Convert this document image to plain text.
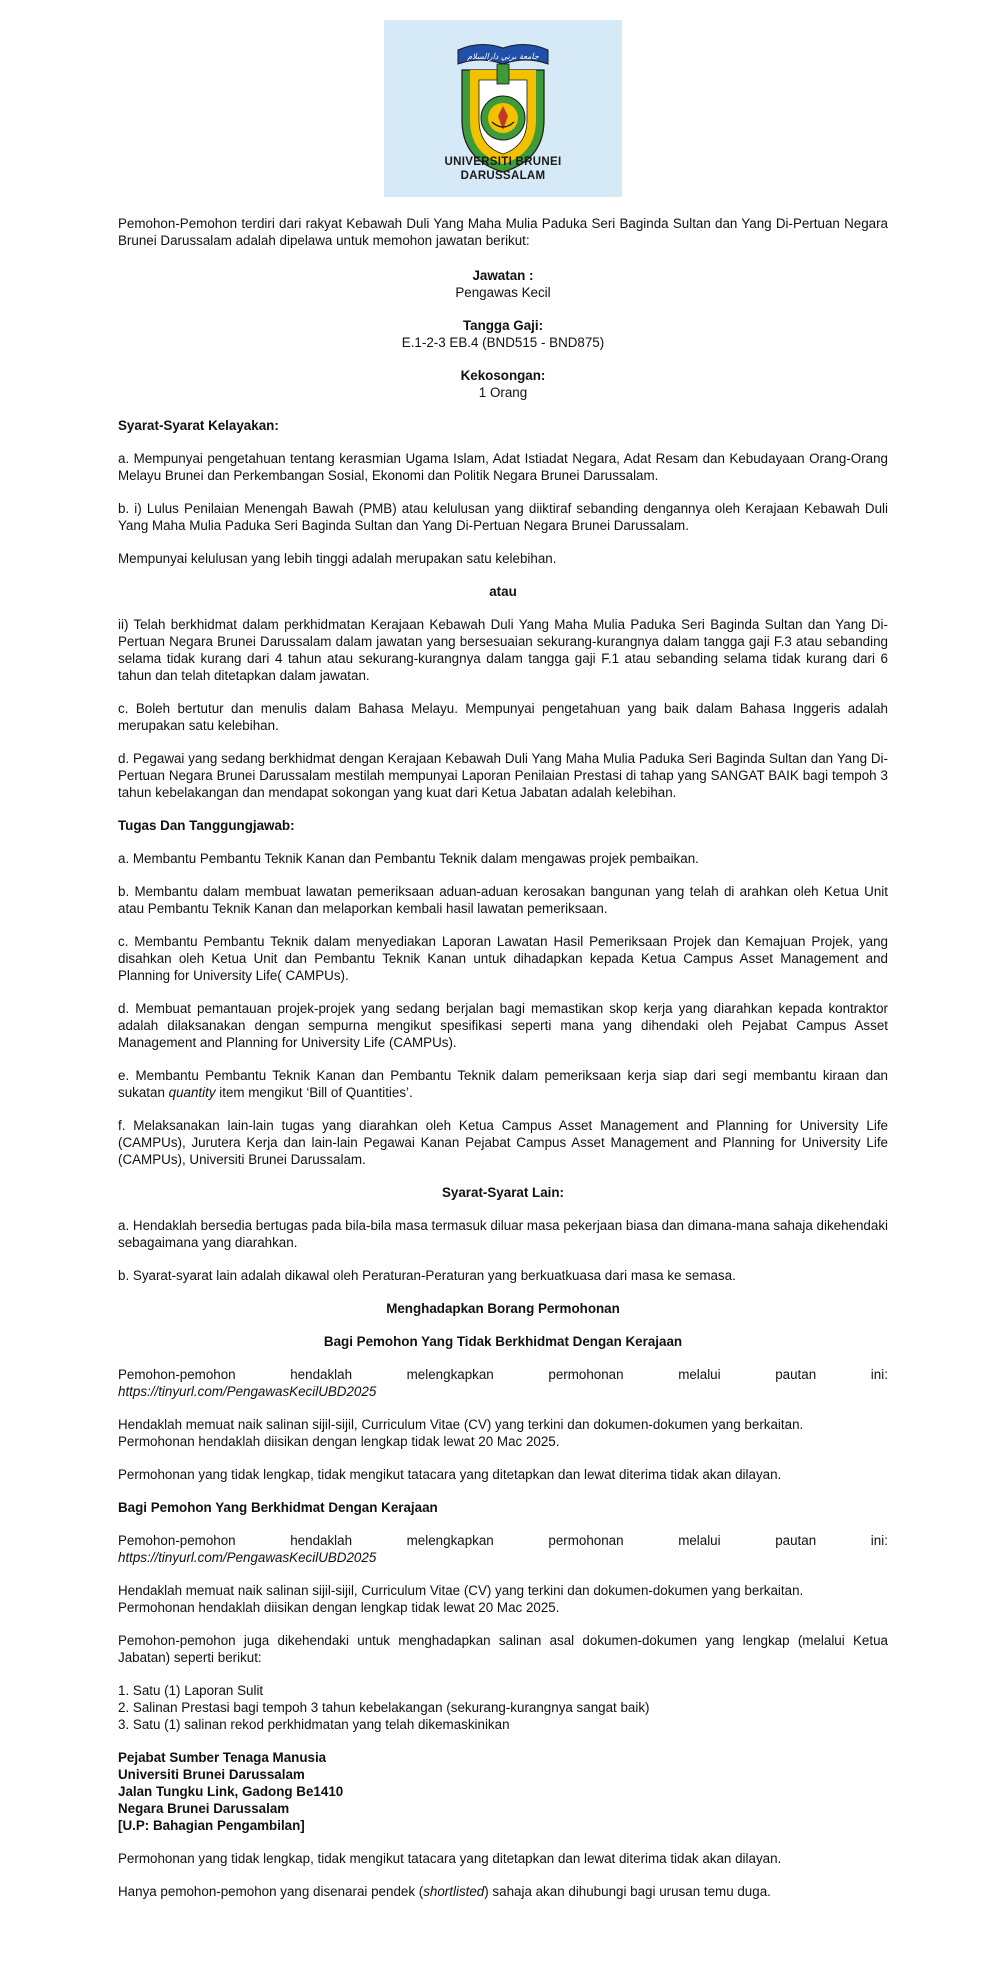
جامعة برني دارالسلام
UNIVERSITI BRUNEI
DARUSSALAM

Pemohon-Pemohon terdiri dari rakyat Kebawah Duli Yang Maha Mulia Paduka Seri Baginda Sultan dan Yang Di-Pertuan Negara Brunei Darussalam adalah dipelawa untuk memohon jawatan berikut:

Jawatan :

Pengawas Kecil

Tangga Gaji:

E.1-2-3 EB.4 (BND515 - BND875)

Kekosongan:

1 Orang

Syarat-Syarat Kelayakan:

a. Mempunyai pengetahuan tentang kerasmian Ugama Islam, Adat Istiadat Negara, Adat Resam dan Kebudayaan Orang-Orang Melayu Brunei dan Perkembangan Sosial, Ekonomi dan Politik Negara Brunei Darussalam.

b. i) Lulus Penilaian Menengah Bawah (PMB) atau kelulusan yang diiktiraf sebanding dengannya oleh Kerajaan Kebawah Duli Yang Maha Mulia Paduka Seri Baginda Sultan dan Yang Di-Pertuan Negara Brunei Darussalam.

Mempunyai kelulusan yang lebih tinggi adalah merupakan satu kelebihan.

atau

ii) Telah berkhidmat dalam perkhidmatan Kerajaan Kebawah Duli Yang Maha Mulia Paduka Seri Baginda Sultan dan Yang Di-Pertuan Negara Brunei Darussalam dalam jawatan yang bersesuaian sekurang-kurangnya dalam tangga gaji F.3 atau sebanding selama tidak kurang dari 4 tahun atau sekurang-kurangnya dalam tangga gaji F.1 atau sebanding selama tidak kurang dari 6 tahun dan telah ditetapkan dalam jawatan.

c. Boleh bertutur dan menulis dalam Bahasa Melayu. Mempunyai pengetahuan yang baik dalam Bahasa Inggeris adalah merupakan satu kelebihan.

d. Pegawai yang sedang berkhidmat dengan Kerajaan Kebawah Duli Yang Maha Mulia Paduka Seri Baginda Sultan dan Yang Di-Pertuan Negara Brunei Darussalam mestilah mempunyai Laporan Penilaian Prestasi di tahap yang SANGAT BAIK bagi tempoh 3 tahun kebelakangan dan mendapat sokongan yang kuat dari Ketua Jabatan adalah kelebihan.

Tugas Dan Tanggungjawab:

a. Membantu Pembantu Teknik Kanan dan Pembantu Teknik dalam mengawas projek pembaikan.

b. Membantu dalam membuat lawatan pemeriksaan aduan-aduan kerosakan bangunan yang telah di arahkan oleh Ketua Unit atau Pembantu Teknik Kanan dan melaporkan kembali hasil lawatan pemeriksaan.

c. Membantu Pembantu Teknik dalam menyediakan Laporan Lawatan Hasil Pemeriksaan Projek dan Kemajuan Projek, yang disahkan oleh Ketua Unit dan Pembantu Teknik Kanan untuk dihadapkan kepada Ketua Campus Asset Management and Planning for University Life( CAMPUs).

d. Membuat pemantauan projek-projek yang sedang berjalan bagi memastikan skop kerja yang diarahkan kepada kontraktor adalah dilaksanakan dengan sempurna mengikut spesifikasi seperti mana yang dihendaki oleh Pejabat Campus Asset Management and Planning for University Life (CAMPUs).

e. Membantu Pembantu Teknik Kanan dan Pembantu Teknik dalam pemeriksaan kerja siap dari segi membantu kiraan dan sukatan quantity item mengikut ‘Bill of Quantities’.

f. Melaksanakan lain-lain tugas yang diarahkan oleh Ketua Campus Asset Management and Planning for University Life (CAMPUs), Jurutera Kerja dan lain-lain Pegawai Kanan Pejabat Campus Asset Management and Planning for University Life (CAMPUs), Universiti Brunei Darussalam.

Syarat-Syarat Lain:

a. Hendaklah bersedia bertugas pada bila-bila masa termasuk diluar masa pekerjaan biasa dan dimana-mana sahaja dikehendaki sebagaimana yang diarahkan.

b. Syarat-syarat lain adalah dikawal oleh Peraturan-Peraturan yang berkuatkuasa dari masa ke semasa.

Menghadapkan Borang Permohonan

Bagi Pemohon Yang Tidak Berkhidmat Dengan Kerajaan

Pemohon-pemohon	hendaklah	melengkapkan	permohonan	melalui	pautan	ini:

https://tinyurl.com/PengawasKecilUBD2025

Hendaklah memuat naik salinan sijil-sijil, Curriculum Vitae (CV) yang terkini dan dokumen-dokumen yang berkaitan.

Permohonan hendaklah diisikan dengan lengkap tidak lewat 20 Mac 2025.

Permohonan yang tidak lengkap, tidak mengikut tatacara yang ditetapkan dan lewat diterima tidak akan dilayan.

Bagi Pemohon Yang Berkhidmat Dengan Kerajaan

Pemohon-pemohon	hendaklah	melengkapkan	permohonan	melalui	pautan	ini:

https://tinyurl.com/PengawasKecilUBD2025

Hendaklah memuat naik salinan sijil-sijil, Curriculum Vitae (CV) yang terkini dan dokumen-dokumen yang berkaitan.

Permohonan hendaklah diisikan dengan lengkap tidak lewat 20 Mac 2025.

Pemohon-pemohon juga dikehendaki untuk menghadapkan salinan asal dokumen-dokumen yang lengkap (melalui Ketua Jabatan) seperti berikut:

1. Satu (1) Laporan Sulit

2. Salinan Prestasi bagi tempoh 3 tahun kebelakangan (sekurang-kurangnya sangat baik)

3. Satu (1) salinan rekod perkhidmatan yang telah dikemaskinikan

Pejabat Sumber Tenaga Manusia

Universiti Brunei Darussalam

Jalan Tungku Link, Gadong Be1410

Negara Brunei Darussalam

[U.P: Bahagian Pengambilan]

Permohonan yang tidak lengkap, tidak mengikut tatacara yang ditetapkan dan lewat diterima tidak akan dilayan.

Hanya pemohon-pemohon yang disenarai pendek (shortlisted) sahaja akan dihubungi bagi urusan temu duga.
